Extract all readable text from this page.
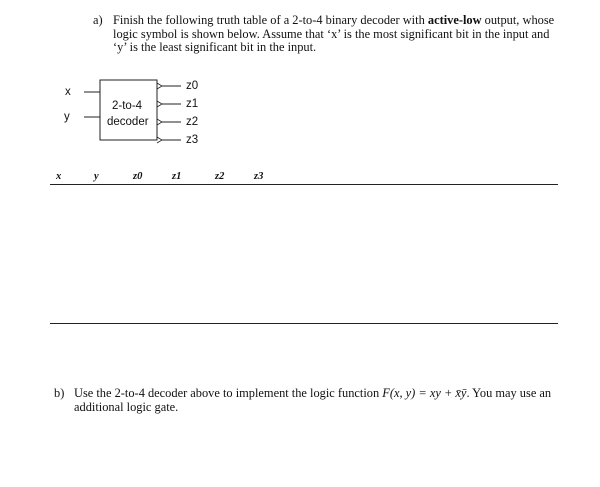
a) Finish the following truth table of a 2-to-4 binary decoder with active-low output, whose logic symbol is shown below. Assume that ‘x’ is the most significant bit in the input and ‘y’ is the least significant bit in the input.
x
y
2-to-4
decoder
z0
z1
z2
z3
x	y	z0	z1	z2	z3
b) Use the 2-to-4 decoder above to implement the logic function F(x, y) = xy + x̄ȳ. You may use an additional logic gate.
